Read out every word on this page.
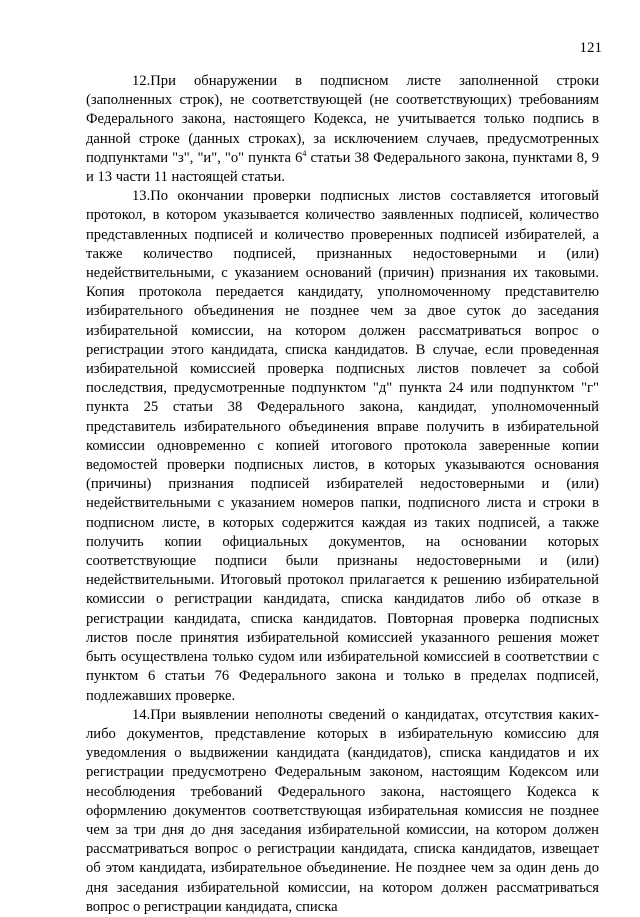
121

12.При обнаружении в подписном листе заполненной строки (заполненных строк), не соответствующей (не соответствующих) требованиям Федерального закона, настоящего Кодекса, не учитывается только подпись в данной строке (данных строках), за исключением случаев, предусмотренных подпунктами "з", "и", "о" пункта $6^4$ статьи 38 Федерального закона, пунктами 8, 9 и 13 части 11 настоящей статьи.

13.По окончании проверки подписных листов составляется итоговый протокол, в котором указывается количество заявленных подписей, количество представленных подписей и количество проверенных подписей избирателей, а также количество подписей, признанных недостоверными и (или) недействительными, с указанием оснований (причин) признания их таковыми. Копия протокола передается кандидату, уполномоченному представителю избирательного объединения не позднее чем за двое суток до заседания избирательной комиссии, на котором должен рассматриваться вопрос о регистрации этого кандидата, списка кандидатов. В случае, если проведенная избирательной комиссией проверка подписных листов повлечет за собой последствия, предусмотренные подпунктом "д" пункта 24 или подпунктом "г" пункта 25 статьи 38 Федерального закона, кандидат, уполномоченный представитель избирательного объединения вправе получить в избирательной комиссии одновременно с копией итогового протокола заверенные копии ведомостей проверки подписных листов, в которых указываются основания (причины) признания подписей избирателей недостоверными и (или) недействительными с указанием номеров папки, подписного листа и строки в подписном листе, в которых содержится каждая из таких подписей, а также получить копии официальных документов, на основании которых соответствующие подписи были признаны недостоверными и (или) недействительными. Итоговый протокол прилагается к решению избирательной комиссии о регистрации кандидата, списка кандидатов либо об отказе в регистрации кандидата, списка кандидатов. Повторная проверка подписных листов после принятия избирательной комиссией указанного решения может быть осуществлена только судом или избирательной комиссией в соответствии с пунктом 6 статьи 76 Федерального закона и только в пределах подписей, подлежавших проверке.

14.При выявлении неполноты сведений о кандидатах, отсутствия каких-либо документов, представление которых в избирательную комиссию для уведомления о выдвижении кандидата (кандидатов), списка кандидатов и их регистрации предусмотрено Федеральным законом, настоящим Кодексом или несоблюдения требований Федерального закона, настоящего Кодекса к оформлению документов соответствующая избирательная комиссия не позднее чем за три дня до дня заседания избирательной комиссии, на котором должен рассматриваться вопрос о регистрации кандидата, списка кандидатов, извещает об этом кандидата, избирательное объединение. Не позднее чем за один день до дня заседания избирательной комиссии, на котором должен рассматриваться вопрос о регистрации кандидата, списка
